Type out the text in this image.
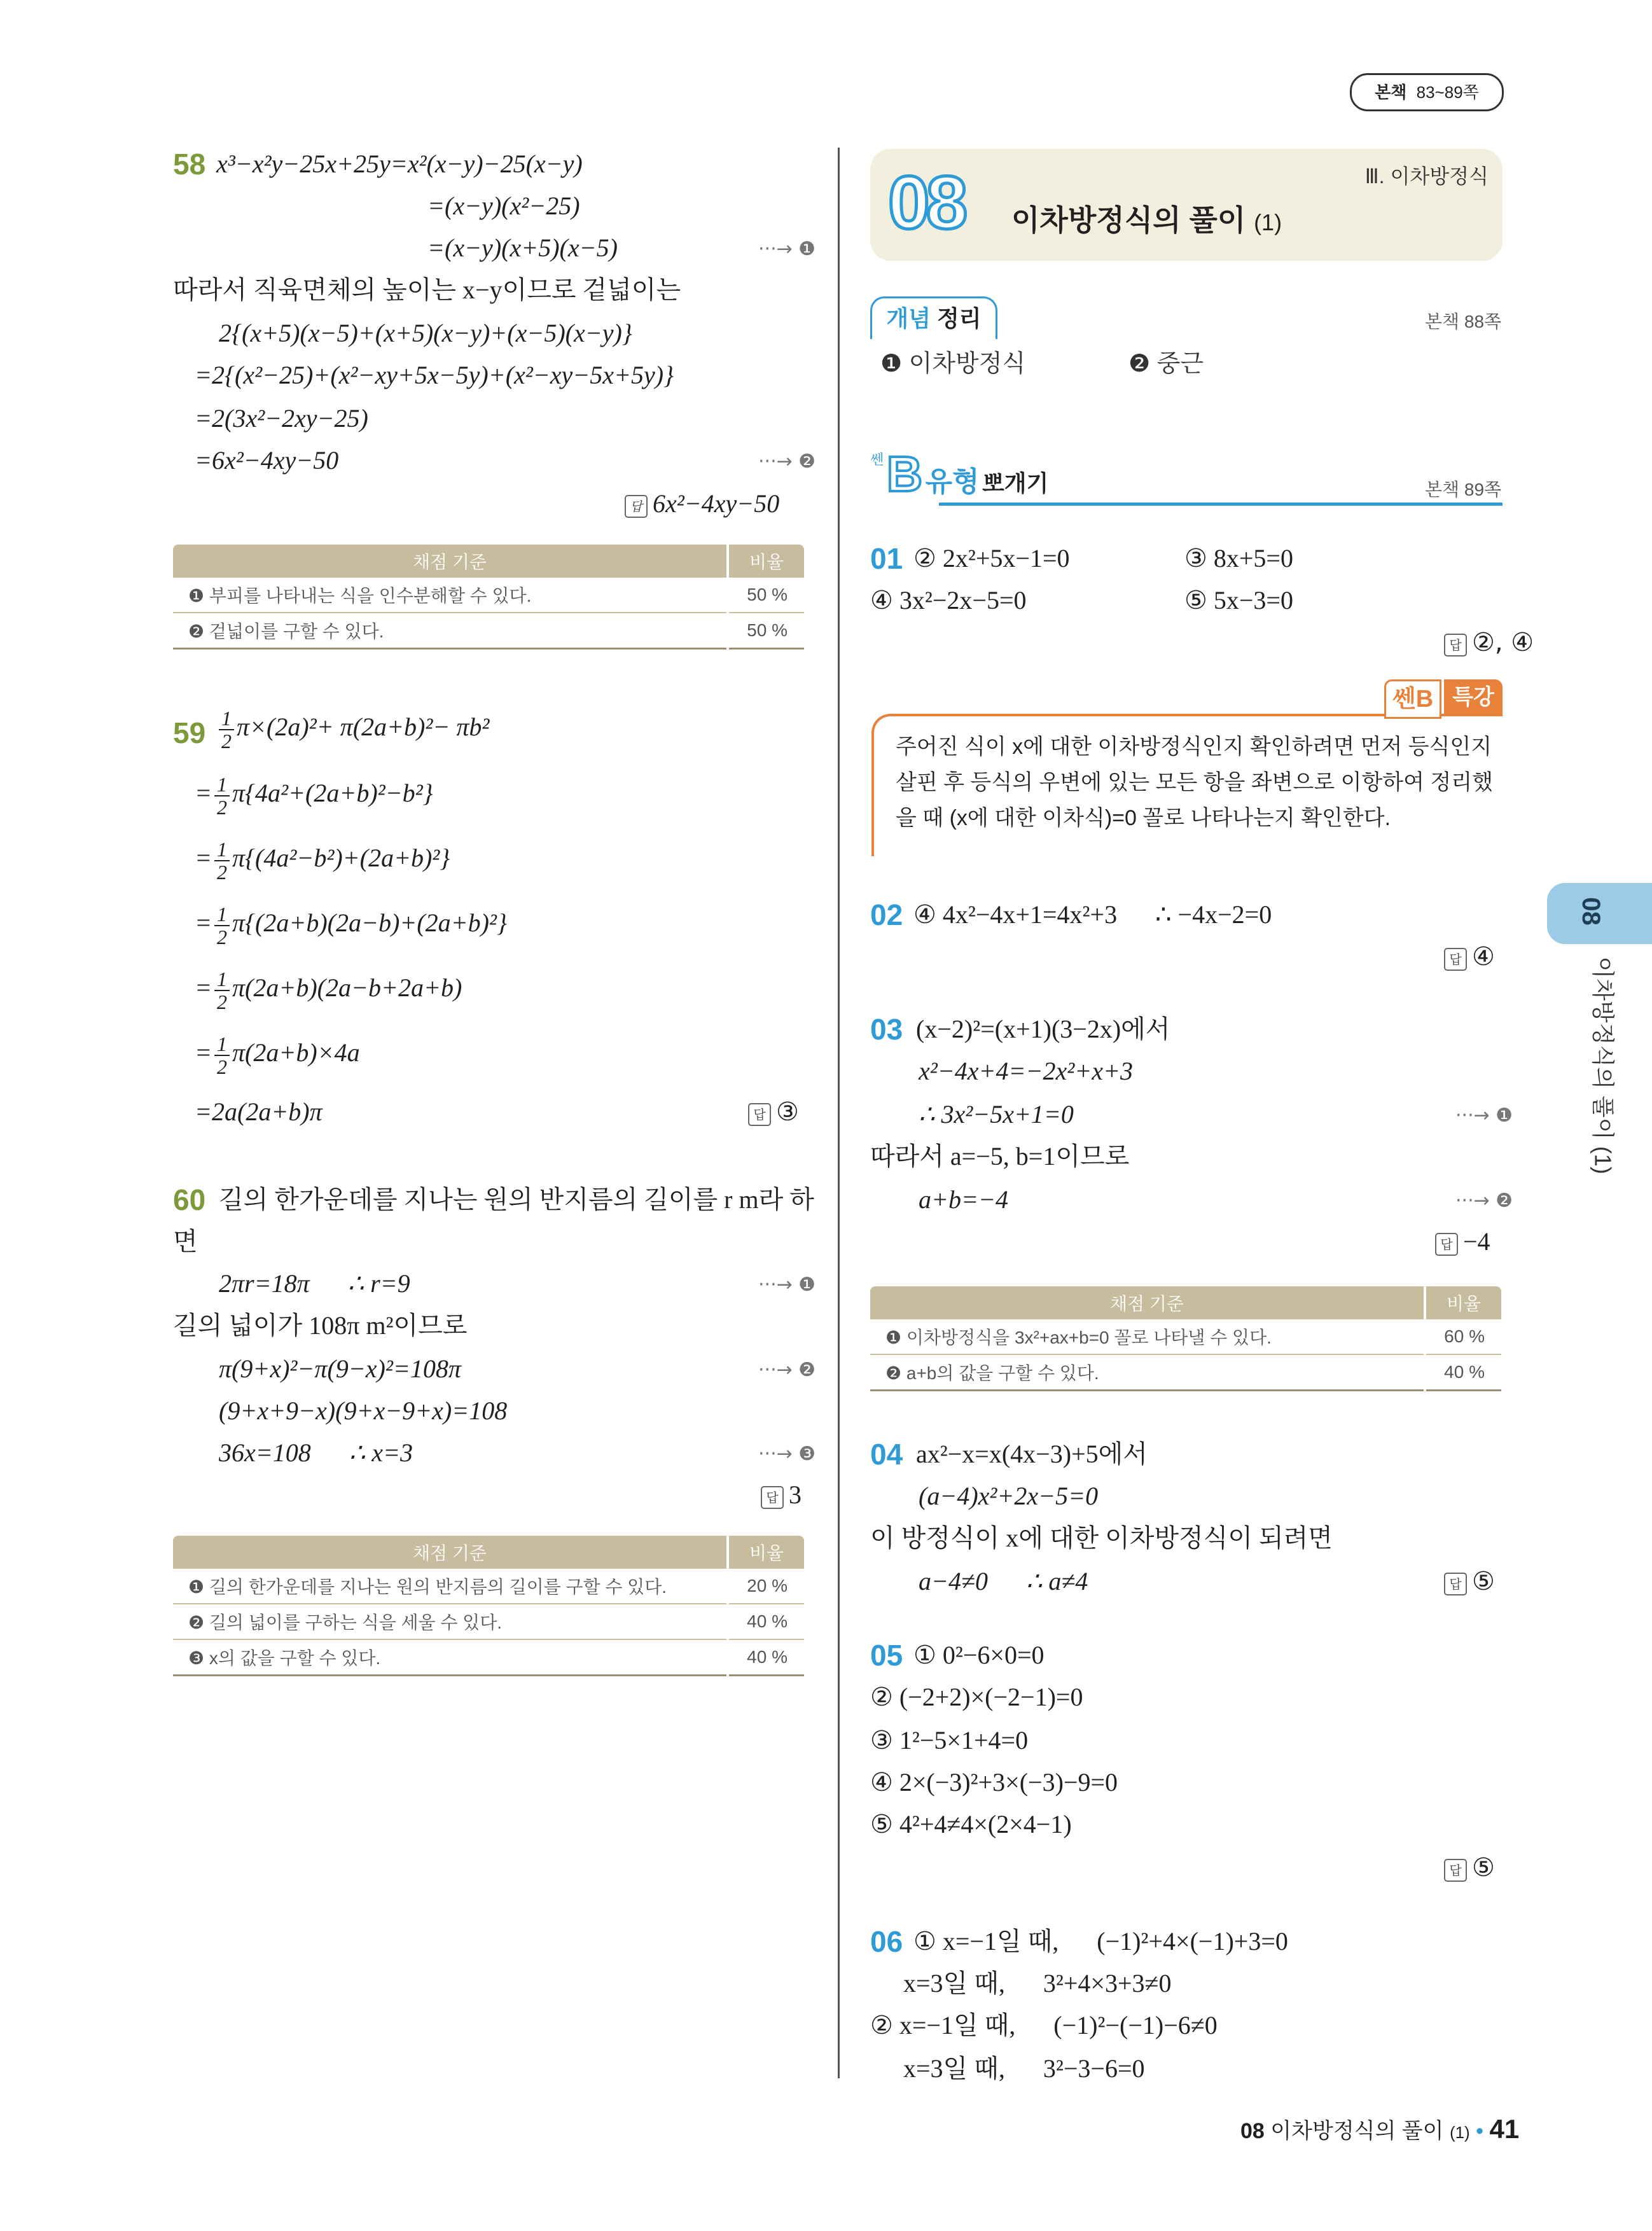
본책 83~89쪽
58 x³−x²y−25x+25y=x²(x−y)−25(x−y)
=(x−y)(x²−25)
=(x−y)(x+5)(x−5)	···→ ❶
따라서 직육면체의 높이는 x−y이므로 겉넓이는
2{(x+5)(x−5)+(x+5)(x−y)+(x−5)(x−y)}
=2{(x²−25)+(x²−xy+5x−5y)+(x²−xy−5x+5y)}
=2(3x²−2xy−25)
=6x²−4xy−50	···→ ❷
답 6x²−4xy−50
채점 기준	비율
❶ 부피를 나타내는 식을 인수분해할 수 있다.	50 %
❷ 겉넓이를 구할 수 있다.	50 %
$59 \frac{1}{2} \pi\times(2a)^2+ \pi(2a+b)^2- \pi b^2$
= $\frac{1}{2} \pi\{4a^2+(2a+b)^2-b^2\}$
= $\frac{1}{2} \pi\{(4a^2-b^2)+(2a+b)^2\}$
= $\frac{1}{2} \pi\{(2a+b)(2a-b)+(2a+b)^2\}$
= $\frac{1}{2} \pi(2a+b)(2a-b+2a+b)$
= $\frac{1}{2} \pi(2a+b)\times 4a$
=2a(2a+b)π	답 ③
60 길의 한가운데를 지나는 원의 반지름의 길이를 r m라 하
면
2πr=18π      ∴ r=9	···→ ❶
길의 넓이가 108π m²이므로
π(9+x)²−π(9−x)²=108π	···→ ❷
(9+x+9−x)(9+x−9+x)=108
36x=108      ∴ x=3	···→ ❸
답 3
채점 기준	비율
❶ 길의 한가운데를 지나는 원의 반지름의 길이를 구할 수 있다.	20 %
❷ 길의 넓이를 구하는 식을 세울 수 있다.	40 %
❸ x의 값을 구할 수 있다.	40 %
Ⅲ. 이차방정식
08 이차방정식의 풀이 (1)
개념 정리	본책 88쪽
❶ 이차방정식	❷ 중근
쎈 B 유형 뽀개기	본책 89쪽
01 ② 2x²+5x−1=0	③ 8x+5=0
④ 3x²−2x−5=0	⑤ 5x−3=0
답 ②, ④
쎈B 특강
주어진 식이 x에 대한 이차방정식인지 확인하려면 먼저 등식인지
살핀 후 등식의 우변에 있는 모든 항을 좌변으로 이항하여 정리했
을 때 (x에 대한 이차식)=0 꼴로 나타나는지 확인한다.
02 ④ 4x²−4x+1=4x²+3      ∴ −4x−2=0
답 ④
03 (x−2)²=(x+1)(3−2x)에서
x²−4x+4=−2x²+x+3
∴ 3x²−5x+1=0	···→ ❶
따라서 a=−5, b=1이므로
a+b=−4	···→ ❷
답 −4
채점 기준	비율
❶ 이차방정식을 3x²+ax+b=0 꼴로 나타낼 수 있다.	60 %
❷ a+b의 값을 구할 수 있다.	40 %
04 ax²−x=x(4x−3)+5에서
(a−4)x²+2x−5=0
이 방정식이 x에 대한 이차방정식이 되려면
a−4≠0      ∴ a≠4	답 ⑤
05 ① 0²−6×0=0
② (−2+2)×(−2−1)=0
③ 1²−5×1+4=0
④ 2×(−3)²+3×(−3)−9=0
⑤ 4²+4≠4×(2×4−1)
답 ⑤
06 ① x=−1일 때,      (−1)²+4×(−1)+3=0
x=3일 때,      3²+4×3+3≠0
② x=−1일 때,      (−1)²−(−1)−6≠0
x=3일 때,      3²−3−6=0
08
이차방정식의 풀이 (1)
08 이차방정식의 풀이 (1) • 41
